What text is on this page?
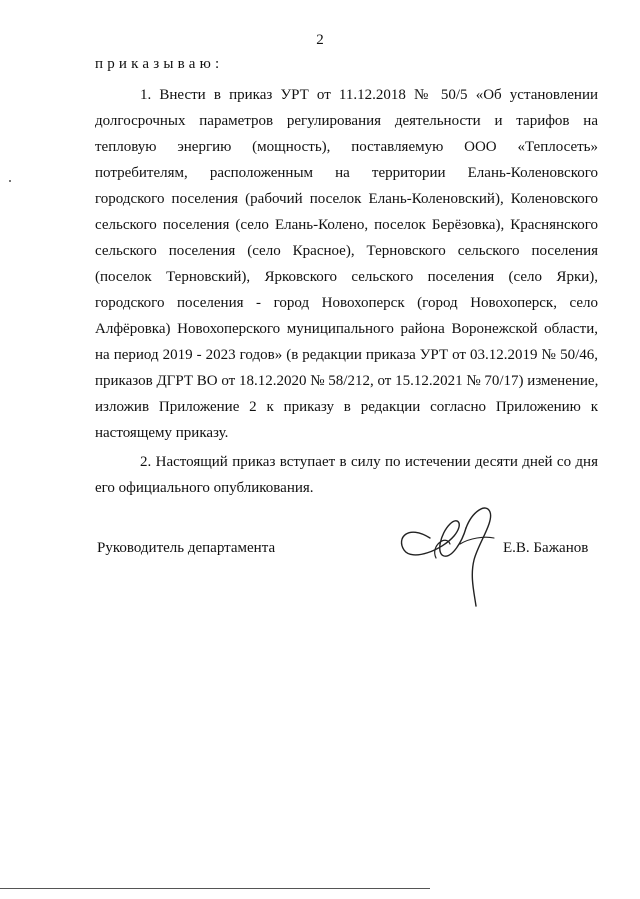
2
приказываю:
1. Внести в приказ УРТ от 11.12.2018 № 50/5 «Об установлении
долгосрочных параметров регулирования деятельности и тарифов на
тепловую энергию (мощность), поставляемую ООО «Теплосеть»
потребителям, расположенным на территории Елань-Коленовского
городского поселения (рабочий поселок Елань-Коленовский), Коленовского
сельского поселения (село Елань-Колено, поселок Берёзовка), Краснянского
сельского поселения (село Красное), Терновского сельского поселения
(поселок Терновский), Ярковского сельского поселения (село Ярки),
городского поселения - город Новохоперск (город Новохоперск, село
Алфёровка) Новохоперского муниципального района Воронежской области,
на период 2019 - 2023 годов» (в редакции приказа УРТ от 03.12.2019 № 50/46,
приказов ДГРТ ВО от 18.12.2020 № 58/212, от 15.12.2021 № 70/17) изменение,
изложив Приложение 2 к приказу в редакции согласно Приложению к
настоящему приказу.
2. Настоящий приказ вступает в силу по истечении десяти дней со дня
его официального опубликования.
Руководитель департамента	Е.В. Бажанов
